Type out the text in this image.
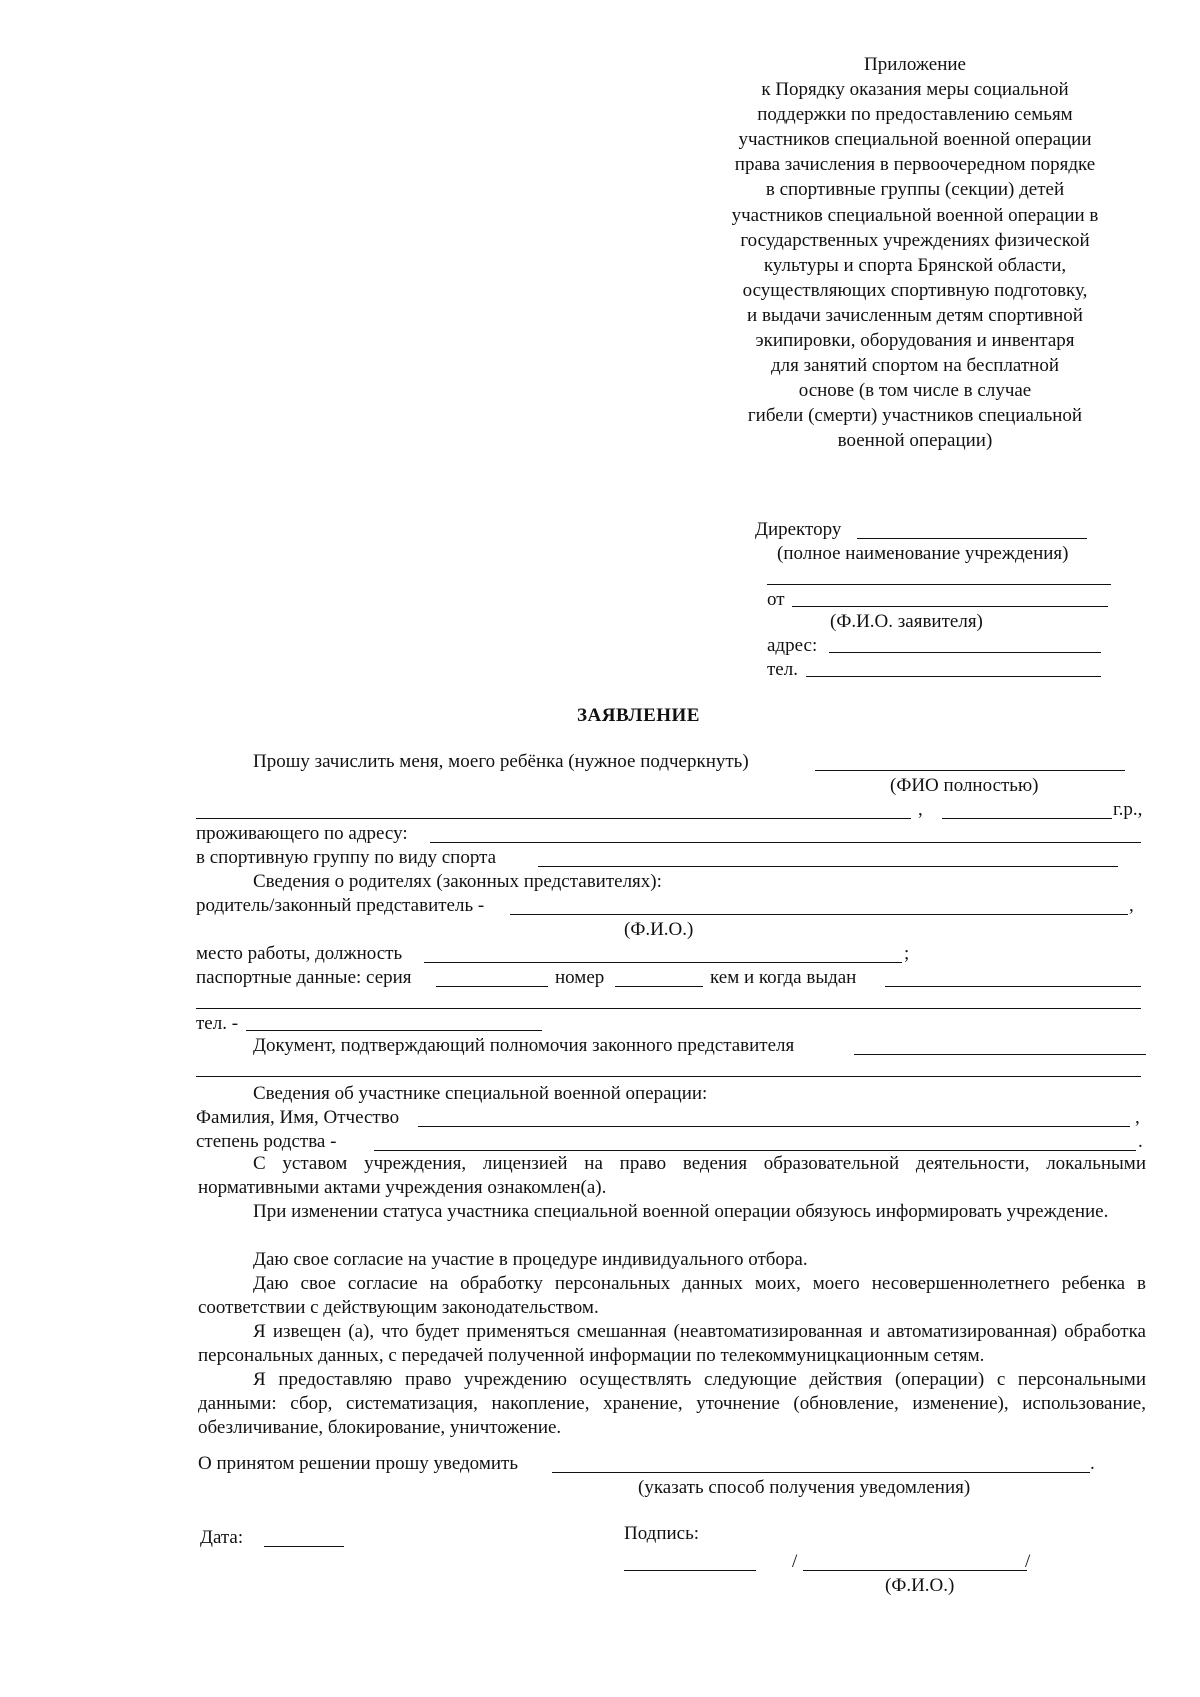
Приложение
к Порядку оказания меры социальной
поддержки по предоставлению семьям
участников специальной военной операции
права зачисления в первоочередном порядке
в спортивные группы (секции) детей
участников специальной военной операции в
государственных учреждениях физической
культуры и спорта Брянской области,
осуществляющих спортивную подготовку,
и выдачи зачисленным детям спортивной
экипировки, оборудования и инвентаря
для занятий спортом на бесплатной
основе (в том числе в случае
гибели (смерти) участников специальной
военной операции)
Директору
(полное наименование учреждения)
от
(Ф.И.О. заявителя)
адрес:
тел.
ЗАЯВЛЕНИЕ
Прошу зачислить меня, моего ребёнка (нужное подчеркнуть)
(ФИО полностью)
,	г.р.,
проживающего по адресу:
в спортивную группу по виду спорта
Сведения о родителях (законных представителях):
родитель/законный представитель -	,
(Ф.И.О.)
место работы, должность	;
паспортные данные: серия	номер	кем и когда выдан
тел. -
Документ, подтверждающий полномочия законного представителя
Сведения об участнике специальной военной операции:
Фамилия, Имя, Отчество	,
степень родства -	.
С уставом учреждения, лицензией на право ведения образовательной деятельности, локальными нормативными актами учреждения ознакомлен(а).
При изменении статуса участника специальной военной операции обязуюсь информировать учреждение.
Даю свое согласие на участие в процедуре индивидуального отбора.
Даю свое согласие на обработку персональных данных моих, моего несовершеннолетнего ребенка в соответствии с действующим законодательством.
Я извещен (а), что будет применяться смешанная (неавтоматизированная и автоматизированная) обработка персональных данных, с передачей полученной информации по телекоммуницкационным сетям.
Я предоставляю право учреждению осуществлять следующие действия (операции) с персональными данными: сбор, систематизация, накопление, хранение, уточнение (обновление, изменение), использование, обезличивание, блокирование, уничтожение.
О принятом решении прошу уведомить	.
(указать способ получения уведомления)
Дата:	Подпись:
/	/
(Ф.И.О.)
